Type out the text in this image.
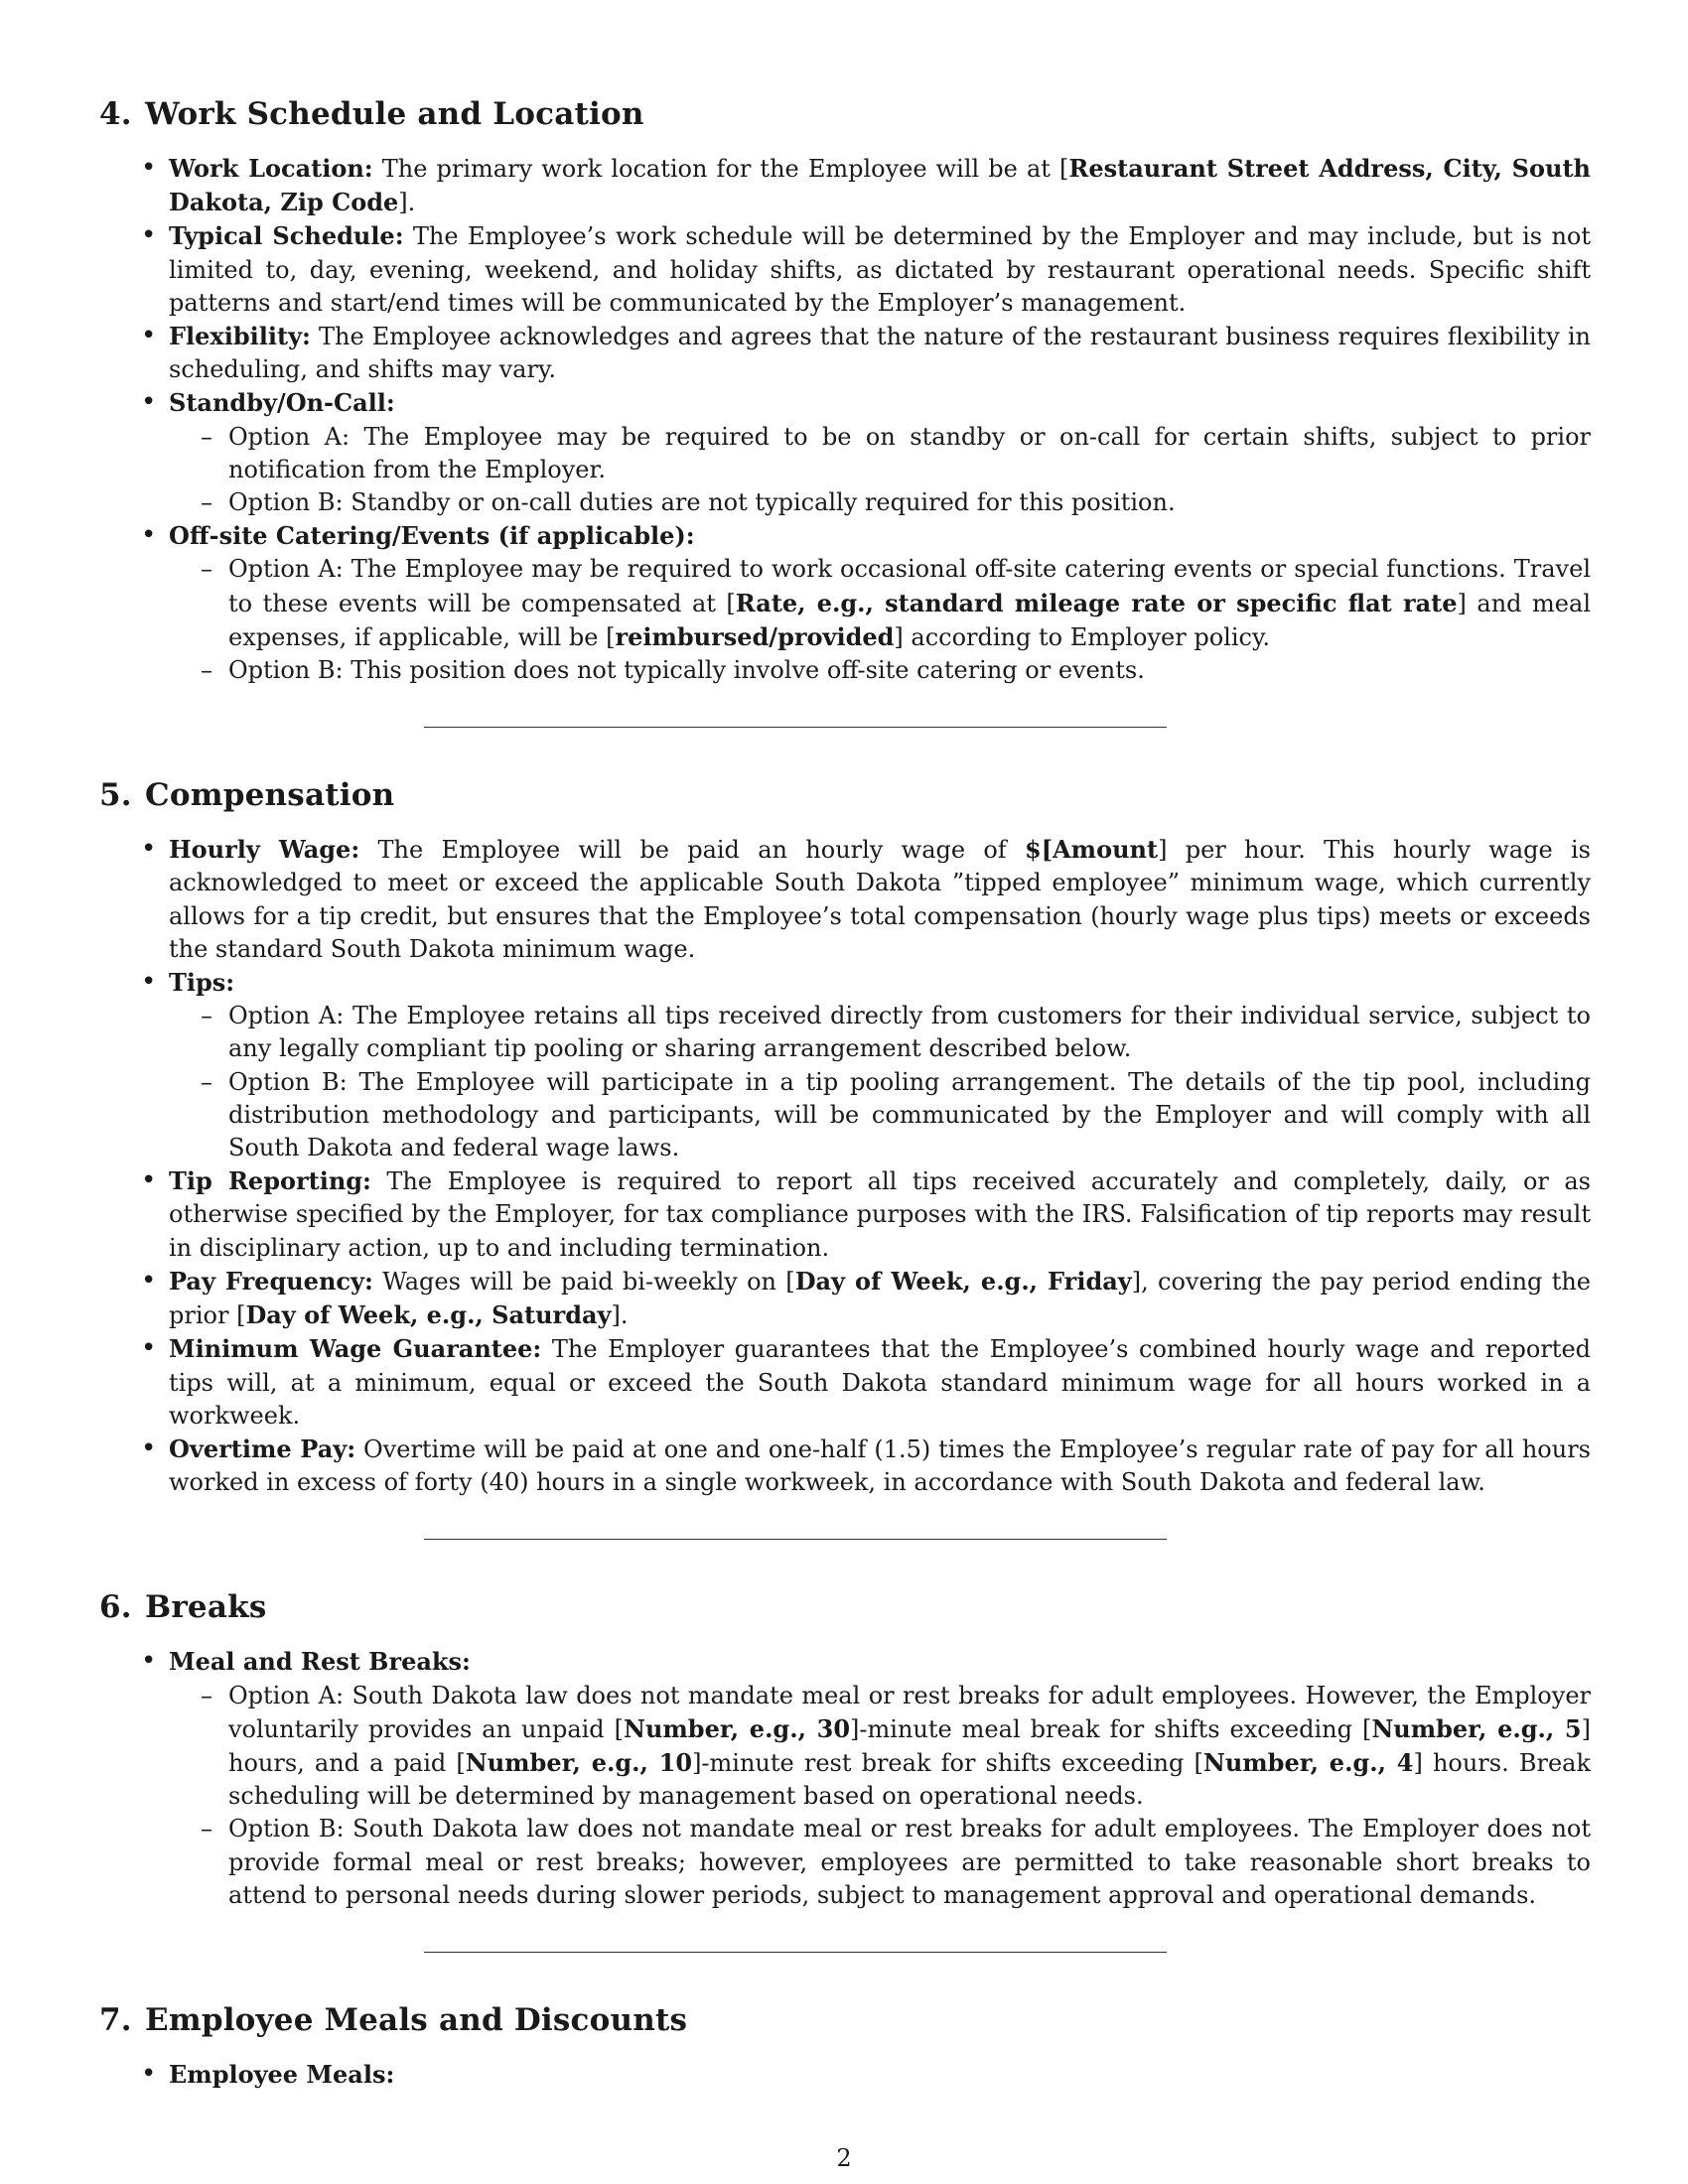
4. Work Schedule and Location
• Work Location: The primary work location for the Employee will be at [Restaurant Street Address, City, South Dakota, Zip Code].
• Typical Schedule: The Employee’s work schedule will be determined by the Employer and may include, but is not limited to, day, evening, weekend, and holiday shifts, as dictated by restaurant operational needs. Specific shift patterns and start/end times will be communicated by the Employer’s management.
• Flexibility: The Employee acknowledges and agrees that the nature of the restaurant business requires flexibility in scheduling, and shifts may vary.
• Standby/On-Call:
– Option A: The Employee may be required to be on standby or on-call for certain shifts, subject to prior notification from the Employer.
– Option B: Standby or on-call duties are not typically required for this position.
• Off-site Catering/Events (if applicable):
– Option A: The Employee may be required to work occasional off-site catering events or special functions. Travel to these events will be compensated at [Rate, e.g., standard mileage rate or specific flat rate] and meal expenses, if applicable, will be [reimbursed/provided] according to Employer policy.
– Option B: This position does not typically involve off-site catering or events.
5. Compensation
• Hourly Wage: The Employee will be paid an hourly wage of $[Amount] per hour. This hourly wage is acknowledged to meet or exceed the applicable South Dakota ”tipped employee” minimum wage, which currently allows for a tip credit, but ensures that the Employee’s total compensation (hourly wage plus tips) meets or exceeds the standard South Dakota minimum wage.
• Tips:
– Option A: The Employee retains all tips received directly from customers for their individual service, subject to any legally compliant tip pooling or sharing arrangement described below.
– Option B: The Employee will participate in a tip pooling arrangement. The details of the tip pool, including distribution methodology and participants, will be communicated by the Employer and will comply with all South Dakota and federal wage laws.
• Tip Reporting: The Employee is required to report all tips received accurately and completely, daily, or as otherwise specified by the Employer, for tax compliance purposes with the IRS. Falsification of tip reports may result in disciplinary action, up to and including termination.
• Pay Frequency: Wages will be paid bi-weekly on [Day of Week, e.g., Friday], covering the pay period ending the prior [Day of Week, e.g., Saturday].
• Minimum Wage Guarantee: The Employer guarantees that the Employee’s combined hourly wage and reported tips will, at a minimum, equal or exceed the South Dakota standard minimum wage for all hours worked in a workweek.
• Overtime Pay: Overtime will be paid at one and one-half (1.5) times the Employee’s regular rate of pay for all hours worked in excess of forty (40) hours in a single workweek, in accordance with South Dakota and federal law.
6. Breaks
• Meal and Rest Breaks:
– Option A: South Dakota law does not mandate meal or rest breaks for adult employees. However, the Employer voluntarily provides an unpaid [Number, e.g., 30]-minute meal break for shifts exceeding [Number, e.g., 5] hours, and a paid [Number, e.g., 10]-minute rest break for shifts exceeding [Number, e.g., 4] hours. Break scheduling will be determined by management based on operational needs.
– Option B: South Dakota law does not mandate meal or rest breaks for adult employees. The Employer does not provide formal meal or rest breaks; however, employees are permitted to take reasonable short breaks to attend to personal needs during slower periods, subject to management approval and operational demands.
7. Employee Meals and Discounts
• Employee Meals:
2
